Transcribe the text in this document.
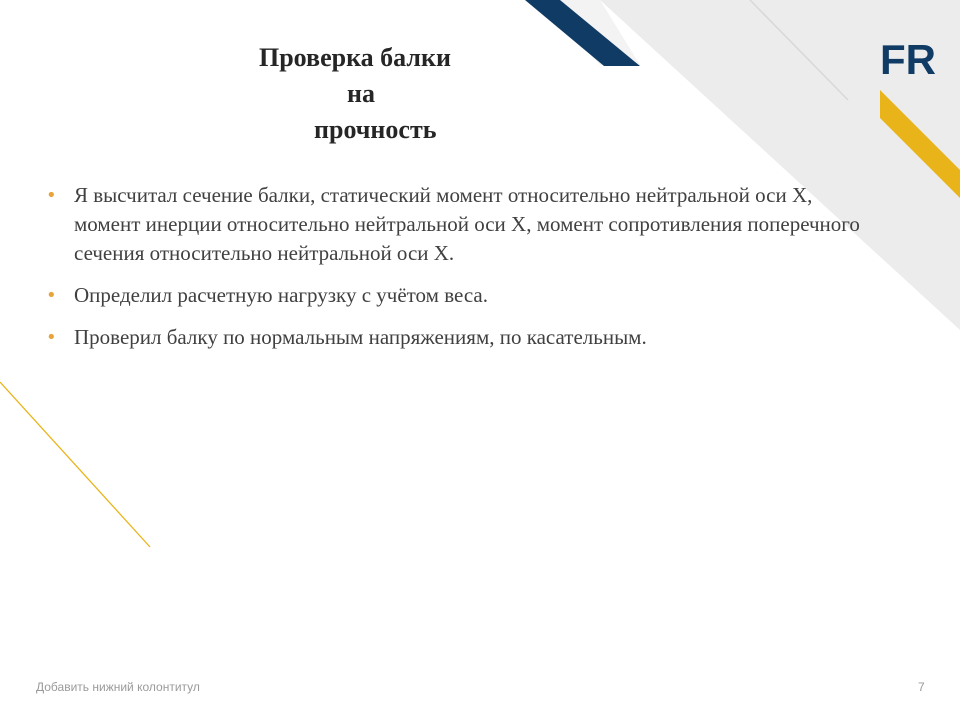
FR
Проверка балки
на
прочность
• Я высчитал сечение балки, статический момент относительно нейтральной оси X, момент инерции относительно нейтральной оси X, момент сопротивления поперечного сечения относительно нейтральной оси X.
• Определил расчетную нагрузку с учётом веса.
• Проверил балку по нормальным напряжениям, по касательным.
Добавить нижний колонтитул	7
